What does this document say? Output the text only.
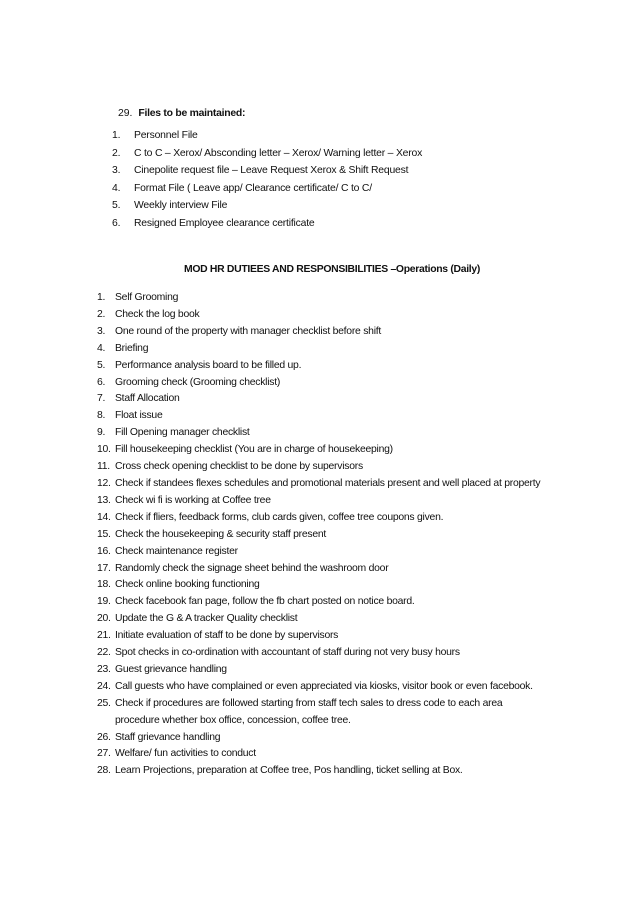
29. Files to be maintained:
1.	Personnel File
2.	C to C – Xerox/ Absconding letter – Xerox/ Warning letter – Xerox
3.	Cinepolite request file – Leave Request Xerox & Shift Request
4.	Format File ( Leave app/ Clearance certificate/ C to C/
5.	Weekly interview File
6.	Resigned Employee clearance certificate
MOD HR DUTIEES AND RESPONSIBILITIES –Operations (Daily)
1. Self Grooming
2. Check the log book
3. One round of the property with manager checklist before shift
4. Briefing
5. Performance analysis board to be filled up.
6. Grooming check (Grooming checklist)
7. Staff Allocation
8. Float issue
9. Fill Opening manager checklist
10. Fill housekeeping checklist (You are in charge of housekeeping)
11. Cross check opening checklist to be done by supervisors
12. Check if standees flexes schedules and promotional materials present and well placed at property
13. Check wi fi is working at Coffee tree
14. Check if fliers, feedback forms, club cards given, coffee tree coupons given.
15. Check the housekeeping & security staff present
16. Check maintenance register
17. Randomly check the signage sheet behind the washroom door
18. Check online booking functioning
19. Check facebook fan page, follow the fb chart posted on notice board.
20. Update the G & A tracker Quality checklist
21. Initiate evaluation of staff to be done by supervisors
22. Spot checks in co-ordination with accountant of staff during not very busy hours
23. Guest grievance handling
24. Call guests who have complained or even appreciated via kiosks, visitor book or even facebook.
25. Check if procedures are followed starting from staff tech sales to dress code to each area procedure whether box office, concession, coffee tree.
26. Staff grievance handling
27. Welfare/ fun activities to conduct
28. Learn Projections, preparation at Coffee tree, Pos handling, ticket selling at Box.
